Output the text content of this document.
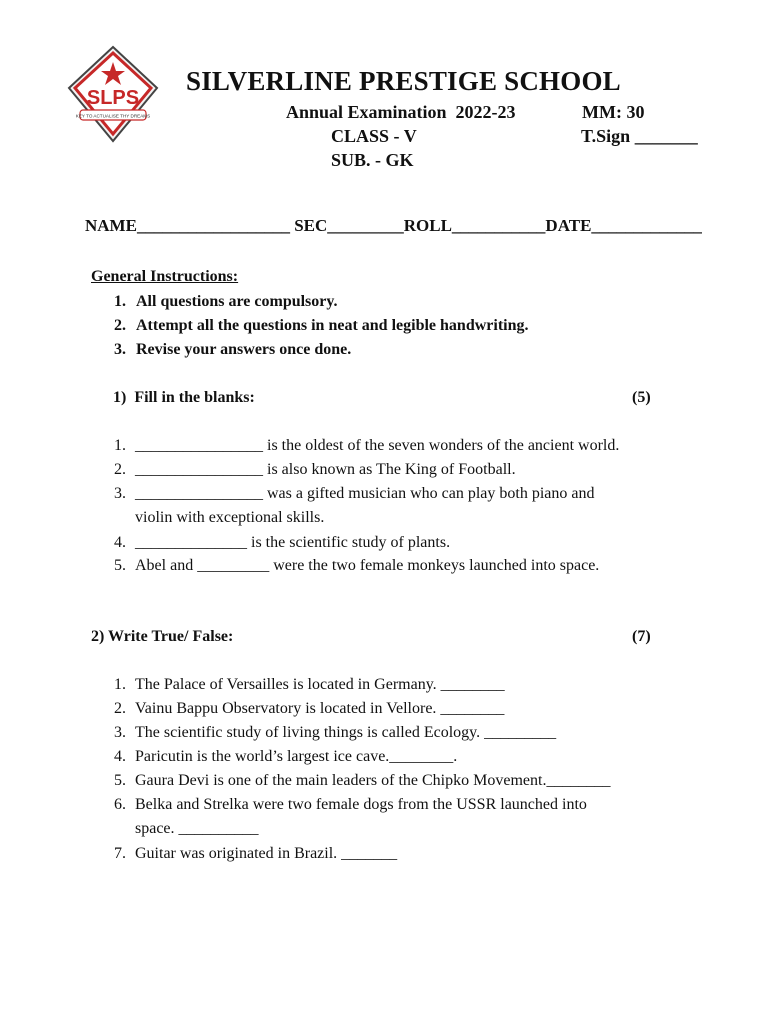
SLPS
KEY TO ACTUALISE THY DREAMS
SILVERLINE PRESTIGE SCHOOL
Annual Examination  2022-23	MM: 30
CLASS - V	T.Sign _______
SUB. - GK
NAME__________________ SEC_________ROLL___________DATE_____________
General Instructions:
1. All questions are compulsory.
2. Attempt all the questions in neat and legible handwriting.
3. Revise your answers once done.
1)  Fill in the blanks:	(5)
1. ________________ is the oldest of the seven wonders of the ancient world.
2. ________________ is also known as The King of Football.
3. ________________ was a gifted musician who can play both piano and
violin with exceptional skills.
4. ______________ is the scientific study of plants.
5. Abel and _________ were the two female monkeys launched into space.
2) Write True/ False:	(7)
1. The Palace of Versailles is located in Germany. ________
2. Vainu Bappu Observatory is located in Vellore. ________
3. The scientific study of living things is called Ecology. _________
4. Paricutin is the world’s largest ice cave.________.
5. Gaura Devi is one of the main leaders of the Chipko Movement.________
6. Belka and Strelka were two female dogs from the USSR launched into
space. __________
7. Guitar was originated in Brazil. _______
